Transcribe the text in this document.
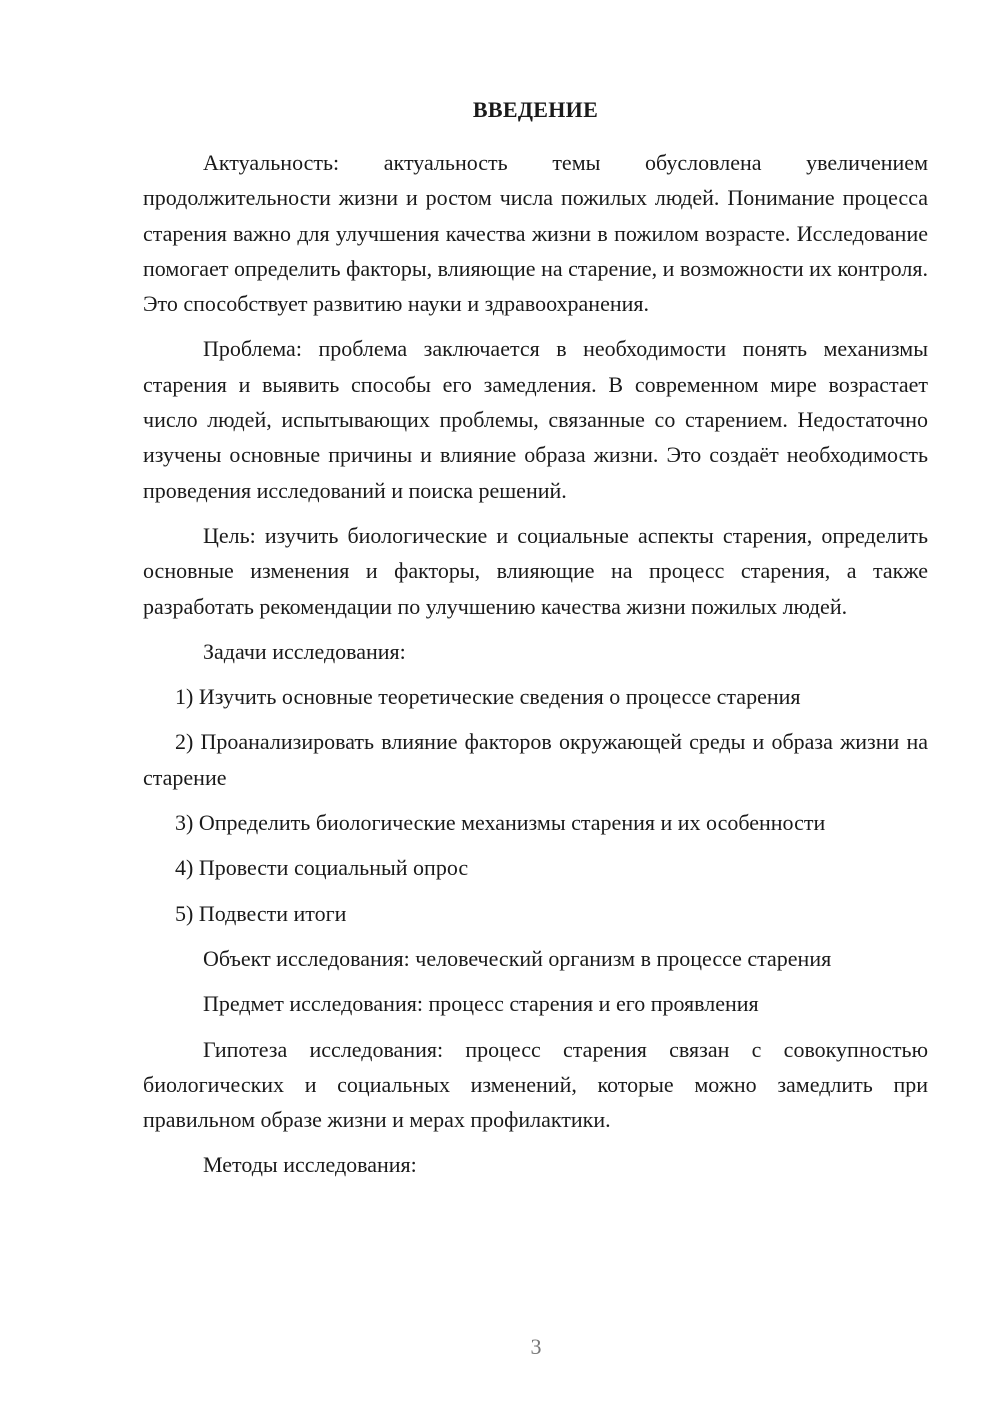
ВВЕДЕНИЕ

Актуальность: актуальность темы обусловлена увеличением продолжительности жизни и ростом числа пожилых людей. Понимание процесса старения важно для улучшения качества жизни в пожилом возрасте. Исследование помогает определить факторы, влияющие на старение, и возможности их контроля. Это способствует развитию науки и здравоохранения.

Проблема: проблема заключается в необходимости понять механизмы старения и выявить способы его замедления. В современном мире возрастает число людей, испытывающих проблемы, связанные со старением. Недостаточно изучены основные причины и влияние образа жизни. Это создаёт необходимость проведения исследований и поиска решений.

Цель: изучить биологические и социальные аспекты старения, определить основные изменения и факторы, влияющие на процесс старения, а также разработать рекомендации по улучшению качества жизни пожилых людей.

Задачи исследования:

1) Изучить основные теоретические сведения о процессе старения

2) Проанализировать влияние факторов окружающей среды и образа жизни на старение

3) Определить биологические механизмы старения и их особенности

4) Провести социальный опрос

5) Подвести итоги

Объект исследования: человеческий организм в процессе старения

Предмет исследования: процесс старения и его проявления

Гипотеза исследования: процесс старения связан с совокупностью биологических и социальных изменений, которые можно замедлить при правильном образе жизни и мерах профилактики.

Методы исследования:

3
